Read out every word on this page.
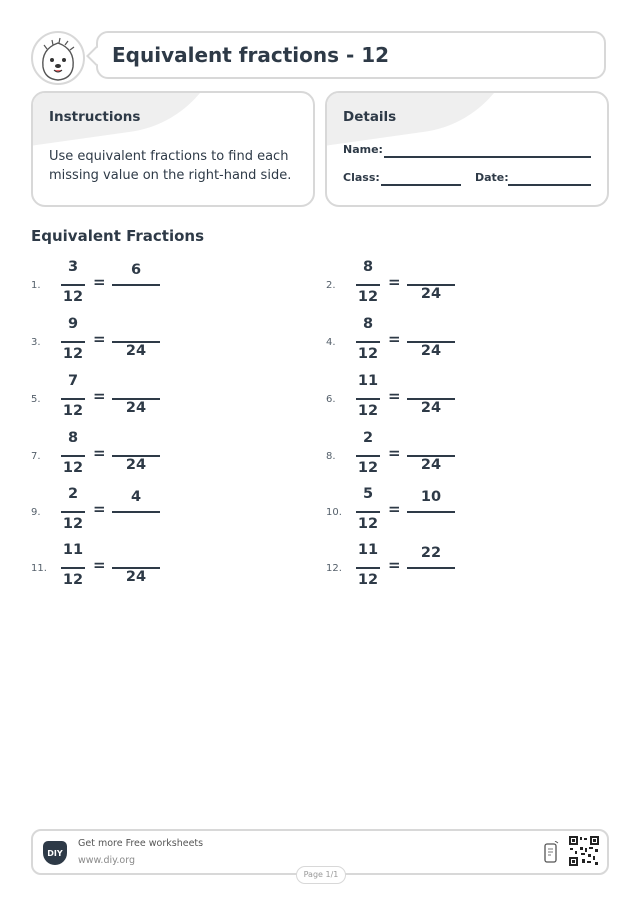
Equivalent fractions - 12
Instructions
Use equivalent fractions to find each missing value on the right-hand side.
Details
Name:
Class:	Date:
Equivalent Fractions
1.
3
12
=
6
2.
8
12
=
24
3.
9
12
=
24
4.
8
12
=
24
5.
7
12
=
24
6.
11
12
=
24
7.
8
12
=
24
8.
2
12
=
24
9.
2
12
=
4
10.
5
12
=
10
11.
11
12
=
24
12.
11
12
=
22
DIY
Get more Free worksheets
www.diy.org
Page 1/1
